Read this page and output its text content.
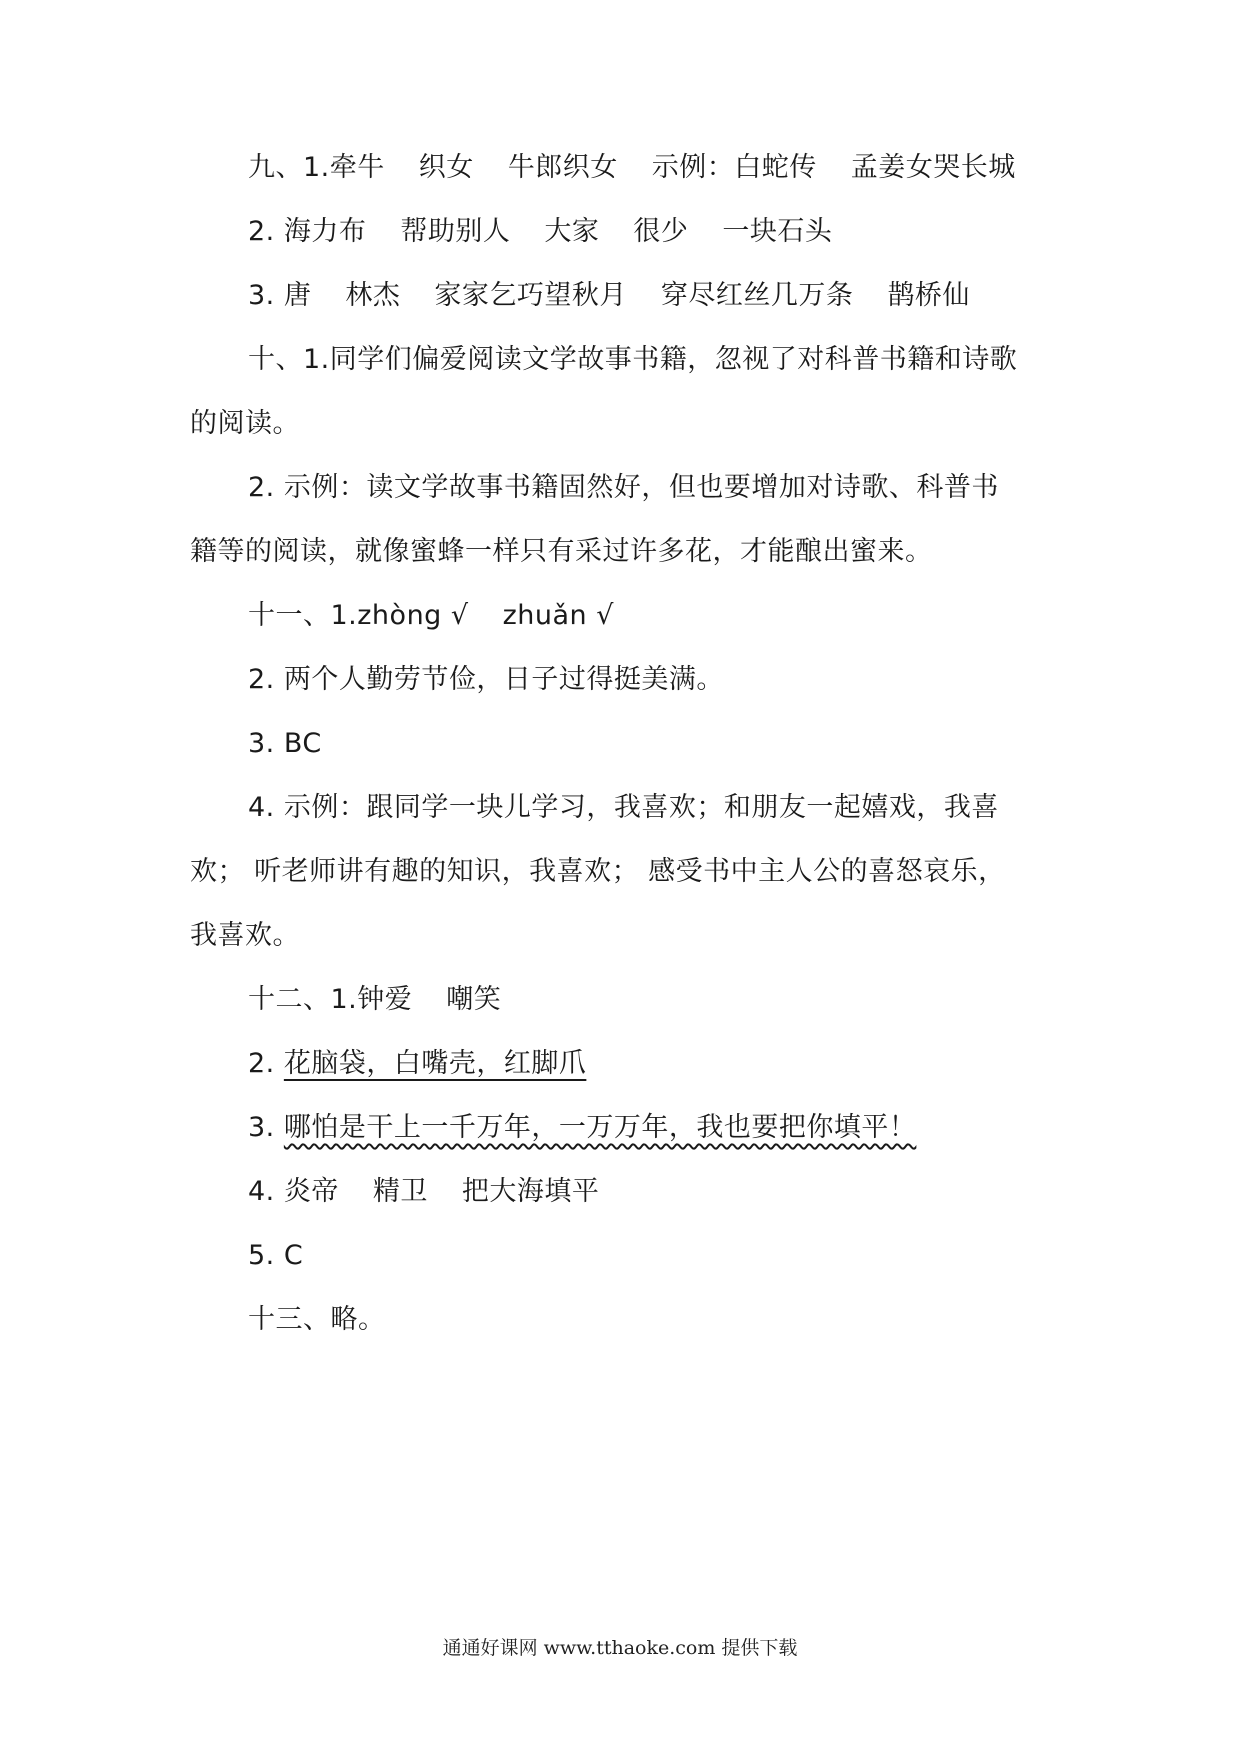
九、1.牵牛 织女 牛郎织女 示例：白蛇传 孟姜女哭长城
2. 海力布 帮助别人 大家 很少 一块石头
3. 唐 林杰 家家乞巧望秋月 穿尽红丝几万条 鹊桥仙
十、1.同学们偏爱阅读文学故事书籍，忽视了对科普书籍和诗歌
的阅读。
2. 示例：读文学故事书籍固然好，但也要增加对诗歌、科普书
籍等的阅读，就像蜜蜂一样只有采过许多花，才能酿出蜜来。
十一、1.zhòng √ zhuǎn √
2. 两个人勤劳节俭，日子过得挺美满。
3. BC
4. 示例：跟同学一块儿学习，我喜欢；和朋友一起嬉戏，我喜
欢； 听老师讲有趣的知识，我喜欢； 感受书中主人公的喜怒哀乐，
我喜欢。
十二、1.钟爱 嘲笑
2. 花脑袋，白嘴壳，红脚爪
3. 哪怕是干上一千万年，一万万年，我也要把你填平！
4. 炎帝 精卫 把大海填平
5. C
十三、略。
通通好课网 www.tthaoke.com 提供下载
